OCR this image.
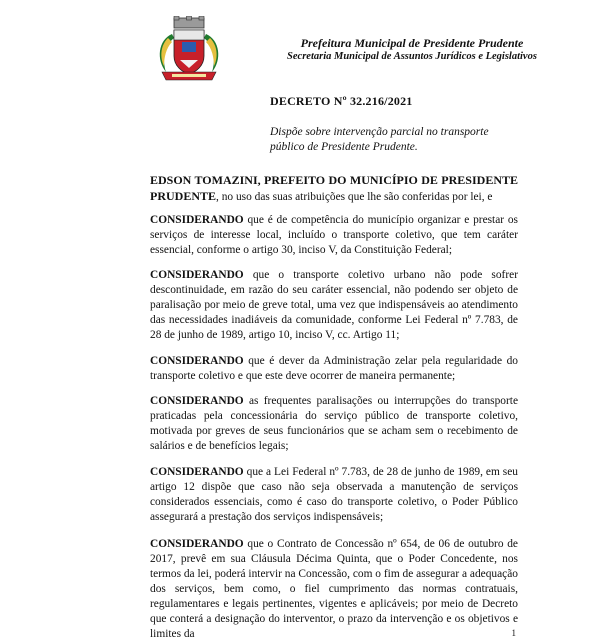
Prefeitura Municipal de Presidente Prudente
Secretaria Municipal de Assuntos Jurídicos e Legislativos
DECRETO Nº 32.216/2021
Dispõe sobre intervenção parcial no transporte público de Presidente Prudente.
EDSON TOMAZINI, PREFEITO DO MUNICÍPIO DE PRESIDENTE PRUDENTE, no uso das suas atribuições que lhe são conferidas por lei, e
CONSIDERANDO que é de competência do município organizar e prestar os serviços de interesse local, incluído o transporte coletivo, que tem caráter essencial, conforme o artigo 30, inciso V, da Constituição Federal;
CONSIDERANDO que o transporte coletivo urbano não pode sofrer descontinuidade, em razão do seu caráter essencial, não podendo ser objeto de paralisação por meio de greve total, uma vez que indispensáveis ao atendimento das necessidades inadiáveis da comunidade, conforme Lei Federal nº 7.783, de 28 de junho de 1989, artigo 10, inciso V, cc. Artigo 11;
CONSIDERANDO que é dever da Administração zelar pela regularidade do transporte coletivo e que este deve ocorrer de maneira permanente;
CONSIDERANDO as frequentes paralisações ou interrupções do transporte praticadas pela concessionária do serviço público de transporte coletivo, motivada por greves de seus funcionários que se acham sem o recebimento de salários e de benefícios legais;
CONSIDERANDO que a Lei Federal nº 7.783, de 28 de junho de 1989, em seu artigo 12 dispõe que caso não seja observada a manutenção de serviços considerados essenciais, como é caso do transporte coletivo, o Poder Público assegurará a prestação dos serviços indispensáveis;
CONSIDERANDO que o Contrato de Concessão nº 654, de 06 de outubro de 2017, prevê em sua Cláusula Décima Quinta, que o Poder Concedente, nos termos da lei, poderá intervir na Concessão, com o fim de assegurar a adequação dos serviços, bem como, o fiel cumprimento das normas contratuais, regulamentares e legais pertinentes, vigentes e aplicáveis; por meio de Decreto que conterá a designação do interventor, o prazo da intervenção e os objetivos e limites da	1
